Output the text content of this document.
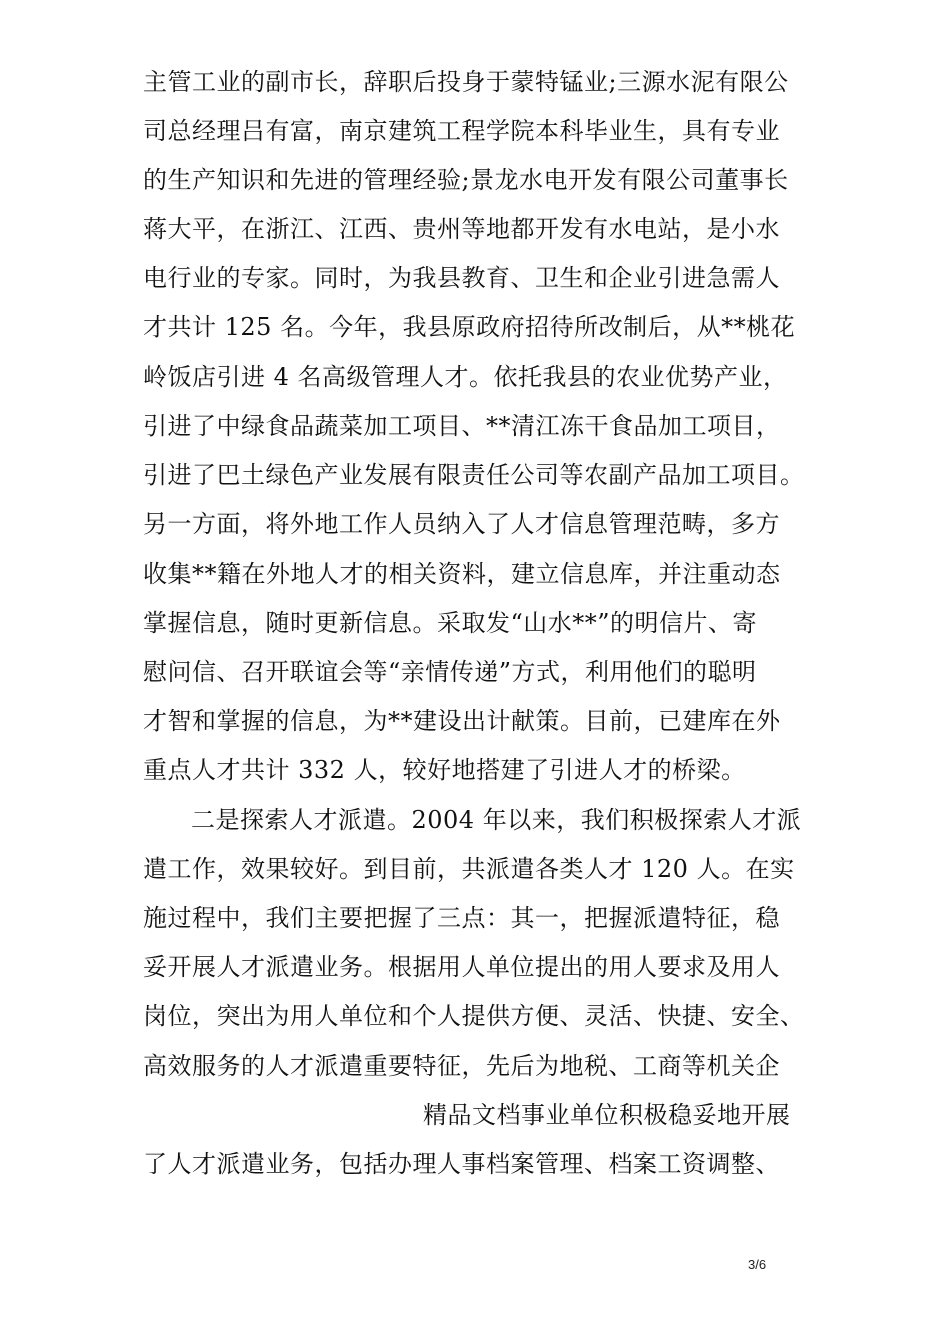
主管工业的副市长，辞职后投身于蒙特锰业;三源水泥有限公
司总经理吕有富，南京建筑工程学院本科毕业生，具有专业
的生产知识和先进的管理经验;景龙水电开发有限公司董事长
蒋大平，在浙江、江西、贵州等地都开发有水电站，是小水
电行业的专家。同时，为我县教育、卫生和企业引进急需人
才共计 125 名。今年，我县原政府招待所改制后，从**桃花
岭饭店引进 4 名高级管理人才。依托我县的农业优势产业，
引进了中绿食品蔬菜加工项目、**清江冻干食品加工项目，
引进了巴土绿色产业发展有限责任公司等农副产品加工项目。
另一方面，将外地工作人员纳入了人才信息管理范畴，多方
收集**籍在外地人才的相关资料，建立信息库，并注重动态
掌握信息，随时更新信息。采取发“山水**”的明信片、寄
慰问信、召开联谊会等“亲情传递”方式，利用他们的聪明
才智和掌握的信息，为**建设出计献策。目前，已建库在外
重点人才共计 332 人，较好地搭建了引进人才的桥梁。
二是探索人才派遣。2004 年以来，我们积极探索人才派
遣工作，效果较好。到目前，共派遣各类人才 120 人。在实
施过程中，我们主要把握了三点：其一，把握派遣特征，稳
妥开展人才派遣业务。根据用人单位提出的用人要求及用人
岗位，突出为用人单位和个人提供方便、灵活、快捷、安全、
高效服务的人才派遣重要特征，先后为地税、工商等机关企
精品文档事业单位积极稳妥地开展
了人才派遣业务，包括办理人事档案管理、档案工资调整、
3/6
